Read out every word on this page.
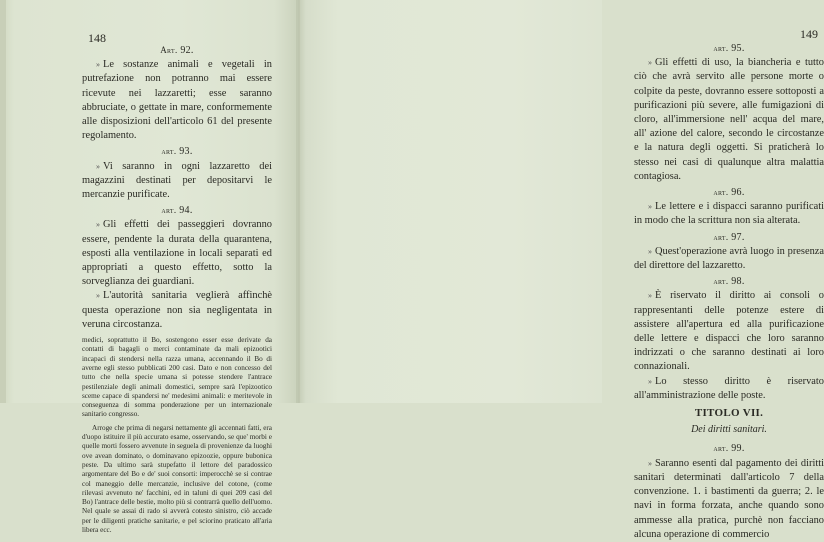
148
Art. 92.

» Le sostanze animali e vegetali in putrefazione non potranno mai essere ricevute nei lazzaretti; esse saranno abbruciate, o gettate in mare, conformemente alle disposizioni dell'articolo 61 del presente regolamento.

art. 93.

» Vi saranno in ogni lazzaretto dei magazzini destinati per depositarvi le mercanzie purificate.

art. 94.

» Gli effetti dei passeggieri dovranno essere, pendente la durata della quarantena, esposti alla ventilazione in locali separati ed appropriati a questo effetto, sotto la sorveglianza dei guardiani.

» L'autorità sanitaria veglierà affinchè questa operazione non sia negligentata in veruna circostanza.

medici, soprattutto il Bo, sostengono esser esse derivate da contatti di bagagli o merci contaminate da mali epizootici incapaci di stendersi nella razza umana, accennando il Bo di averne egli stesso pubblicati 200 casi. Dato e non concesso del tutto che nella specie umana si potesse stendere l'antrace pestilenziale degli animali domestici, sempre sarà l'epizootico sceme capace di spandersi ne' medesimi animali: e meritevole in conseguenza di somma ponderazione per un internazionale sanitario congresso.

Arroge che prima di negarsi nettamente gli accennati fatti, era d'uopo istituire il più accurato esame, osservando, se que' morbi e quelle morti fossero avvenute in seguela di provenienze da luoghi ove avean dominato, o dominavano epizoozie, oppure bubonica peste. Da ultimo sarà stupefatto il lettore del paradossico argomentare del Bo e de' suoi consorti: imperocchè se si contrae col maneggio delle mercanzie, inclusive del cotone, (come rilevasi avvenuto ne' facchini, ed in taluni di quei 209 casi del Bo) l'antrace delle bestie, molto più si contrarrà quello dell'uomo. Nel quale se assai di rado si avverà cotesto sinistro, ciò accade per le diligenti pratiche sanitarie, e pel sciorino praticato all'aria libera ecc.

149
art. 95.

» Gli effetti di uso, la biancheria e tutto ciò che avrà servito alle persone morte o colpite da peste, dovranno essere sottoposti a purificazioni più severe, alle fumigazioni di cloro, all'immersione nell' acqua del mare, all' azione del calore, secondo le circostanze e la natura degli oggetti. Si praticherà lo stesso nei casi di qualunque altra malattia contagiosa.

art. 96.

» Le lettere e i dispacci saranno purificati in modo che la scrittura non sia alterata.

art. 97.

» Quest'operazione avrà luogo in presenza del direttore del lazzaretto.

art. 98.

» È riservato il diritto ai consoli o rappresentanti delle potenze estere di assistere all'apertura ed alla purificazione delle lettere e dispacci che loro saranno indrizzati o che saranno destinati ai loro connazionali.

» Lo stesso diritto è riservato all'amministrazione delle poste.

TITOLO VII.
Dei diritti sanitari.
art. 99.

» Saranno esenti dal pagamento dei diritti sanitari determinati dall'articolo 7 della convenzione. 1. i bastimenti da guerra; 2. le navi in forma forzata, anche quando sono ammesse alla pratica, purchè non facciano alcuna operazione di commercio
